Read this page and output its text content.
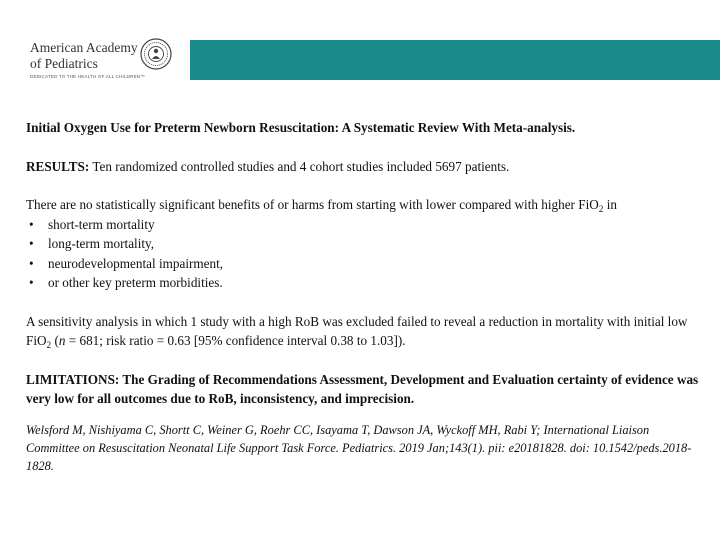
American Academy
of Pediatrics
DEDICATED TO THE HEALTH OF ALL CHILDREN™

Initial Oxygen Use for Preterm Newborn Resuscitation: A Systematic Review With Meta-analysis.

RESULTS: Ten randomized controlled studies and 4 cohort studies included 5697 patients.

There are no statistically significant benefits of or harms from starting with lower compared with higher FiO$_2$ in

• short-term mortality
• long-term mortality,
• neurodevelopmental impairment,
• or other key preterm morbidities.

A sensitivity analysis in which 1 study with a high RoB was excluded failed to reveal a reduction in mortality with initial low FiO$_2$ (n = 681; risk ratio = 0.63 [95% confidence interval 0.38 to 1.03]).

LIMITATIONS: The Grading of Recommendations Assessment, Development and Evaluation certainty of evidence was very low for all outcomes due to RoB, inconsistency, and imprecision.

Welsford M, Nishiyama C, Shortt C, Weiner G, Roehr CC, Isayama T, Dawson JA, Wyckoff MH, Rabi Y; International Liaison Committee on Resuscitation Neonatal Life Support Task Force. Pediatrics. 2019 Jan;143(1). pii: e20181828. doi: 10.1542/peds.2018-1828.
